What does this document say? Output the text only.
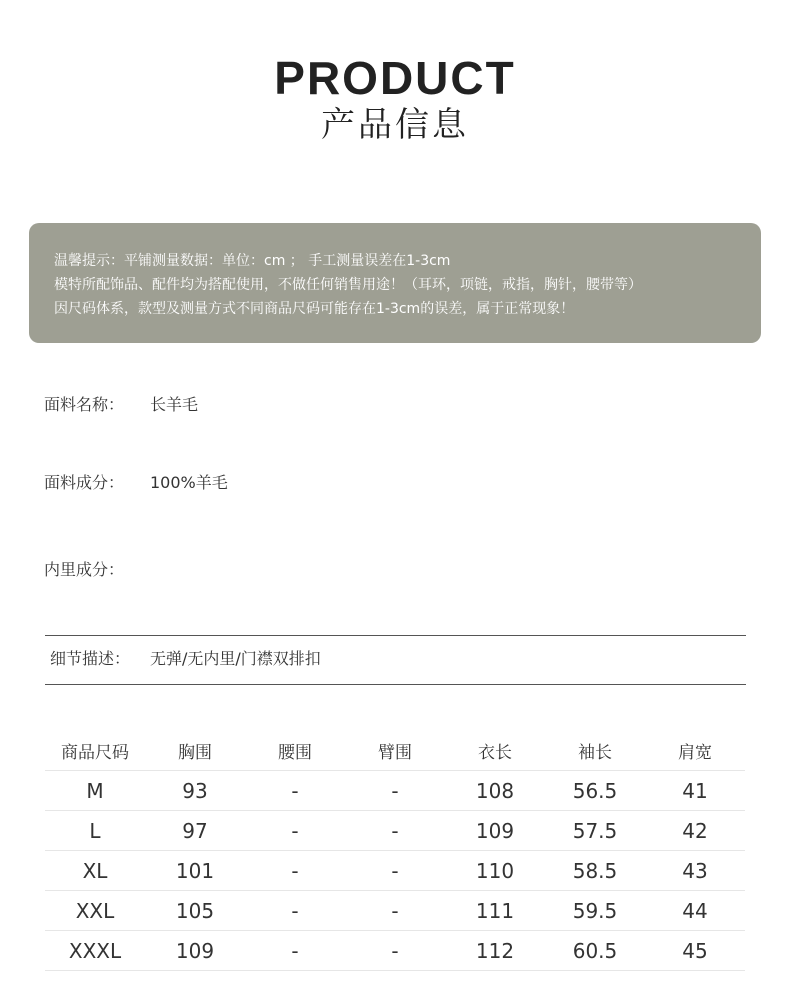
PRODUCT
产品信息
温馨提示：平铺测量数据：单位：cm ； 手工测量误差在1-3cm
模特所配饰品、配件均为搭配使用，不做任何销售用途！（耳环，项链，戒指，胸针，腰带等）
因尺码体系，款型及测量方式不同商品尺码可能存在1-3cm的误差，属于正常现象！
面料名称： 长羊毛
面料成分： 100%羊毛
内里成分：
细节描述： 无弹/无内里/门襟双排扣
商品尺码	胸围	腰围	臂围	衣长	袖长	肩宽
M	93	-	-	108	56.5	41
L	97	-	-	109	57.5	42
XL	101	-	-	110	58.5	43
XXL	105	-	-	111	59.5	44
XXXL	109	-	-	112	60.5	45
